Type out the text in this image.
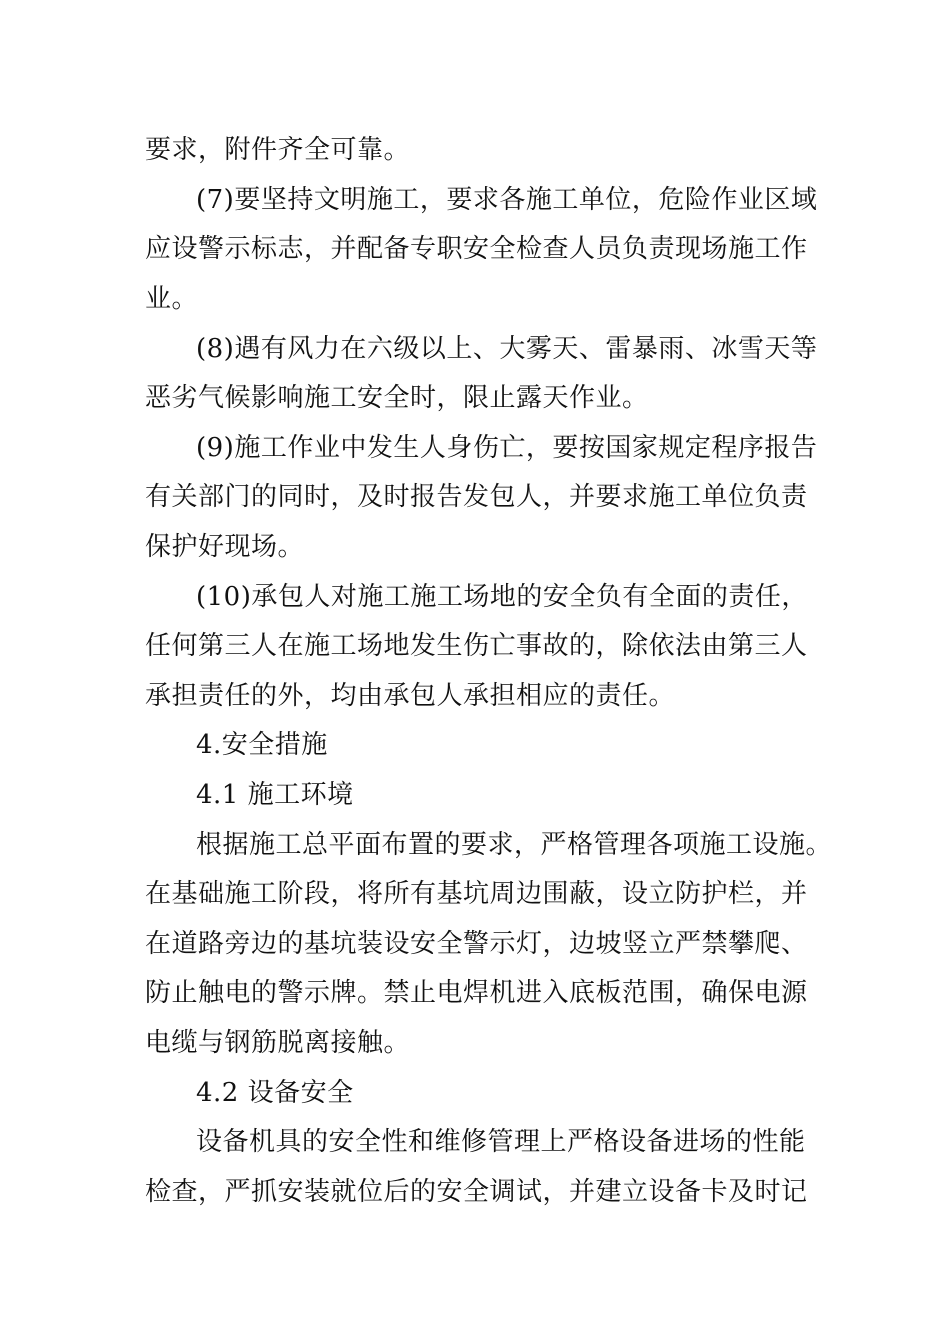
要求，附件齐全可靠。
(7)要坚持文明施工，要求各施工单位，危险作业区域
应设警示标志，并配备专职安全检查人员负责现场施工作
业。
(8)遇有风力在六级以上、大雾天、雷暴雨、冰雪天等
恶劣气候影响施工安全时，限止露天作业。
(9)施工作业中发生人身伤亡，要按国家规定程序报告
有关部门的同时，及时报告发包人，并要求施工单位负责
保护好现场。
(10)承包人对施工施工场地的安全负有全面的责任，
任何第三人在施工场地发生伤亡事故的，除依法由第三人
承担责任的外，均由承包人承担相应的责任。
4.安全措施
4.1 施工环境
根据施工总平面布置的要求，严格管理各项施工设施。
在基础施工阶段，将所有基坑周边围蔽，设立防护栏，并
在道路旁边的基坑装设安全警示灯，边坡竖立严禁攀爬、
防止触电的警示牌。禁止电焊机进入底板范围，确保电源
电缆与钢筋脱离接触。
4.2 设备安全
设备机具的安全性和维修管理上严格设备进场的性能
检查，严抓安装就位后的安全调试，并建立设备卡及时记
